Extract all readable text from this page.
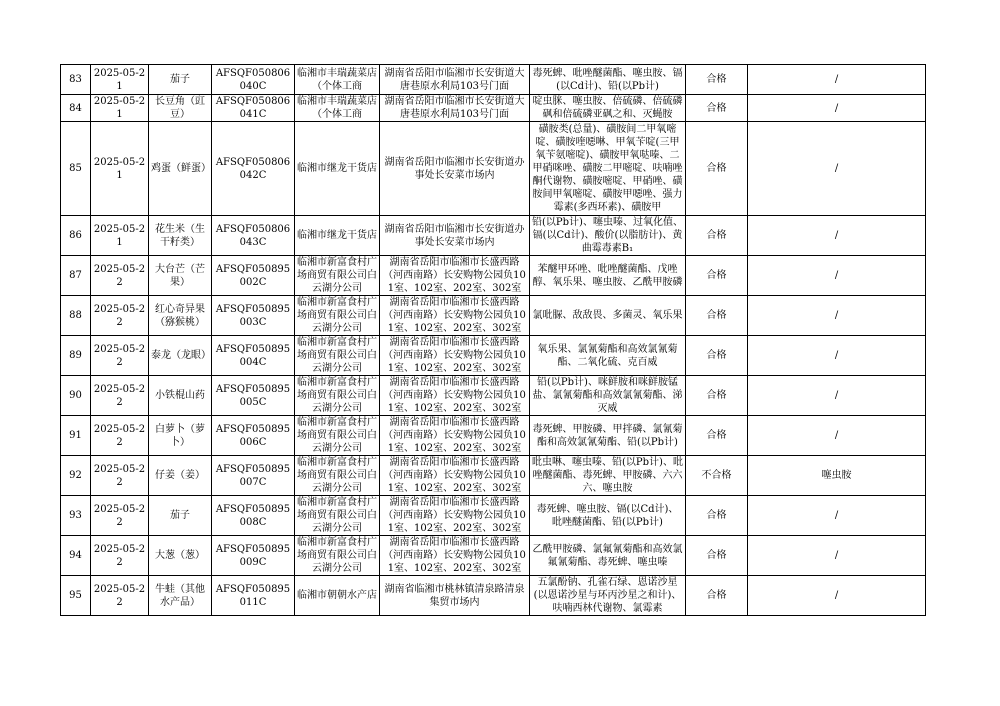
83	2025-05-21	茄子	AFSQF050806040C	临湘市丰瑞蔬菜店（个体工商	湖南省岳阳市临湘市长安街道大唐巷原水利局103号门面	毒死蜱、吡唑醚菌酯、噻虫胺、镉(以Cd计)、铅(以Pb计)	合格	/
84	2025-05-21	长豆角（豇豆）	AFSQF050806041C	临湘市丰瑞蔬菜店（个体工商	湖南省岳阳市临湘市长安街道大唐巷原水利局103号门面	啶虫脒、噻虫胺、倍硫磷、倍硫磷砜和倍硫磷亚砜之和、灭蝇胺	合格	/
85	2025-05-21	鸡蛋（鲜蛋）	AFSQF050806042C	临湘市继龙干货店	湖南省岳阳市临湘市长安街道办事处长安菜市场内	磺胺类(总量)、磺胺间二甲氧嘧啶、磺胺喹噁啉、甲氧苄啶(三甲氧苄氨嘧啶)、磺胺甲氧哒嗪、二甲硝咪唑、磺胺二甲嘧啶、呋喃唑酮代谢物、磺胺嘧啶、甲硝唑、磺胺间甲氧嘧啶、磺胺甲噁唑、强力霉素(多西环素)、磺胺甲	合格	/
86	2025-05-21	花生米（生干籽类）	AFSQF050806043C	临湘市继龙干货店	湖南省岳阳市临湘市长安街道办事处长安菜市场内	铅(以Pb计)、噻虫嗪、过氧化值、镉(以Cd计)、酸价(以脂肪计)、黄曲霉毒素B₁	合格	/
87	2025-05-22	大台芒（芒果）	AFSQF050895002C	临湘市新富食村广场商贸有限公司白云湖分公司	湖南省岳阳市临湘市长盛西路（河西南路）长安购物公园负101室、102室、202室、302室	苯醚甲环唑、吡唑醚菌酯、戊唑醇、氧乐果、噻虫胺、乙酰甲胺磷	合格	/
88	2025-05-22	红心奇异果（猕猴桃）	AFSQF050895003C	临湘市新富食村广场商贸有限公司白云湖分公司	湖南省岳阳市临湘市长盛西路（河西南路）长安购物公园负101室、102室、202室、302室	氯吡脲、敌敌畏、多菌灵、氧乐果	合格	/
89	2025-05-22	泰龙（龙眼）	AFSQF050895004C	临湘市新富食村广场商贸有限公司白云湖分公司	湖南省岳阳市临湘市长盛西路（河西南路）长安购物公园负101室、102室、202室、302室	氧乐果、氯氰菊酯和高效氯氰菊酯、二氧化硫、克百威	合格	/
90	2025-05-22	小铁棍山药	AFSQF050895005C	临湘市新富食村广场商贸有限公司白云湖分公司	湖南省岳阳市临湘市长盛西路（河西南路）长安购物公园负101室、102室、202室、302室	铅(以Pb计)、咪鲜胺和咪鲜胺锰盐、氯氰菊酯和高效氯氰菊酯、涕灭威	合格	/
91	2025-05-22	白萝卜（萝卜）	AFSQF050895006C	临湘市新富食村广场商贸有限公司白云湖分公司	湖南省岳阳市临湘市长盛西路（河西南路）长安购物公园负101室、102室、202室、302室	毒死蜱、甲胺磷、甲拌磷、氯氰菊酯和高效氯氰菊酯、铅(以Pb计)	合格	/
92	2025-05-22	仔姜（姜）	AFSQF050895007C	临湘市新富食村广场商贸有限公司白云湖分公司	湖南省岳阳市临湘市长盛西路（河西南路）长安购物公园负101室、102室、202室、302室	吡虫啉、噻虫嗪、铅(以Pb计)、吡唑醚菌酯、毒死蜱、甲胺磷、六六六、噻虫胺	不合格	噻虫胺
93	2025-05-22	茄子	AFSQF050895008C	临湘市新富食村广场商贸有限公司白云湖分公司	湖南省岳阳市临湘市长盛西路（河西南路）长安购物公园负101室、102室、202室、302室	毒死蜱、噻虫胺、镉(以Cd计)、吡唑醚菌酯、铅(以Pb计)	合格	/
94	2025-05-22	大葱（葱）	AFSQF050895009C	临湘市新富食村广场商贸有限公司白云湖分公司	湖南省岳阳市临湘市长盛西路（河西南路）长安购物公园负101室、102室、202室、302室	乙酰甲胺磷、氯氟氰菊酯和高效氯氟氰菊酯、毒死蜱、噻虫嗪	合格	/
95	2025-05-22	牛蛙（其他水产品）	AFSQF050895011C	临湘市朝朝水产店	湖南省临湘市桃林镇清泉路清泉集贸市场内	五氯酚钠、孔雀石绿、恩诺沙星(以恩诺沙星与环丙沙星之和计)、呋喃西林代谢物、氯霉素	合格	/
